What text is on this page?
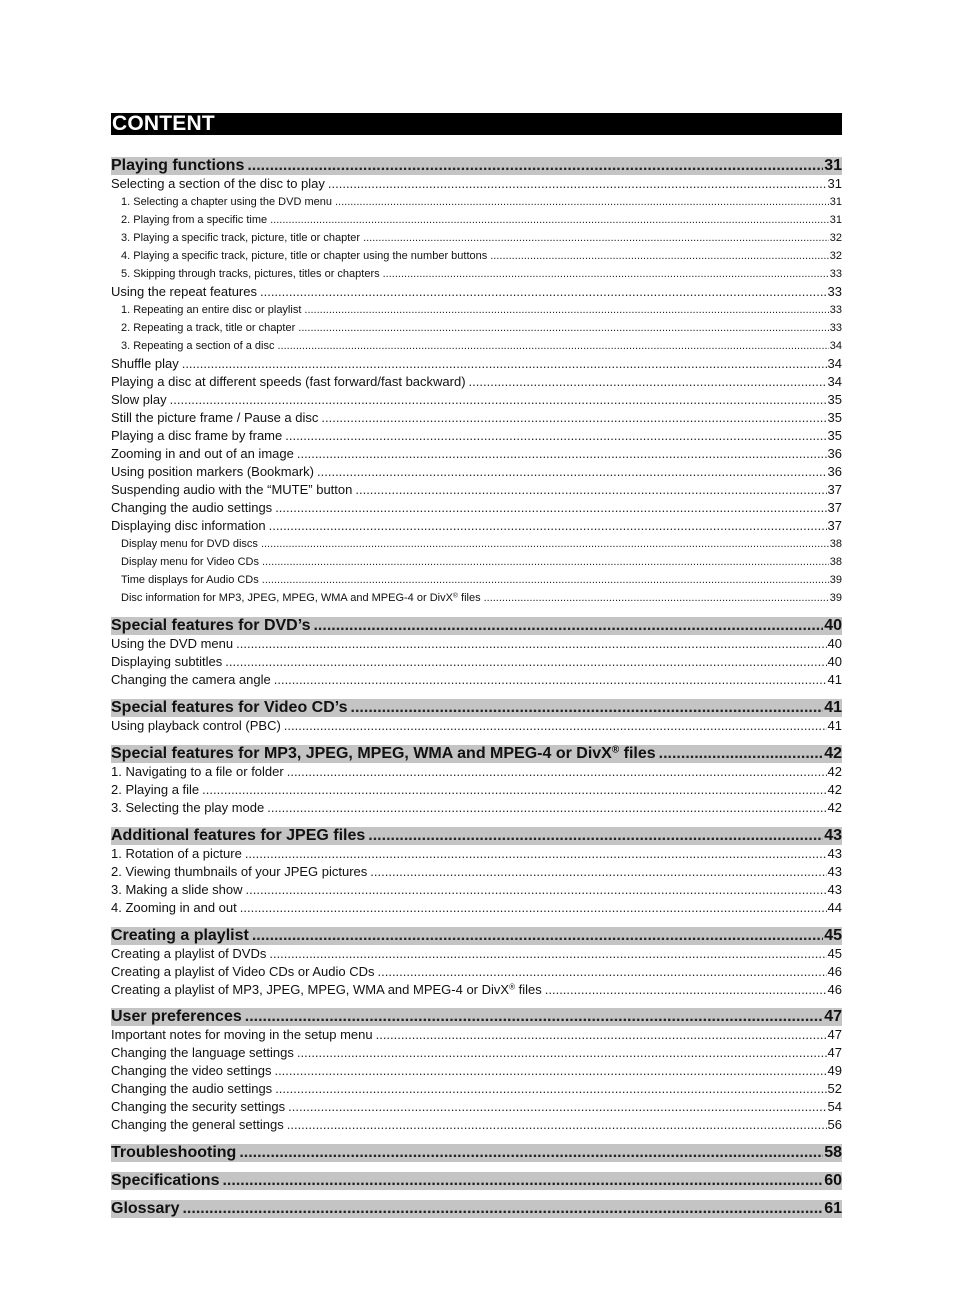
CONTENT
Playing functions .....	31
Selecting a section of the disc to play .....	31
1. Selecting a chapter using the DVD menu .....	31
2. Playing from a specific time .....	31
3. Playing a specific track, picture, title or chapter .....	32
4. Playing a specific track, picture, title or chapter using the number buttons .....	32
5. Skipping through tracks, pictures, titles or chapters .....	33
Using the repeat features .....	33
1. Repeating an entire disc or playlist .....	33
2. Repeating a track, title or chapter .....	33
3. Repeating a section of a disc .....	34
Shuffle play .....	34
Playing a disc at different speeds (fast forward/fast backward) .....	34
Slow play .....	35
Still the picture frame / Pause a disc .....	35
Playing a disc frame by frame .....	35
Zooming in and out of an image .....	36
Using position markers (Bookmark) .....	36
Suspending audio with the “MUTE” button .....	37
Changing the audio settings .....	37
Displaying disc information .....	37
Display menu for DVD discs .....	38
Display menu for Video CDs .....	38
Time displays for Audio CDs .....	39
Disc information for MP3, JPEG, MPEG, WMA and MPEG-4 or DivX® files .....	39
Special features for DVD’s .....	40
Using the DVD menu .....	40
Displaying subtitles .....	40
Changing the camera angle .....	41
Special features for Video CD’s .....	41
Using playback control (PBC) .....	41
Special features for MP3, JPEG, MPEG, WMA and MPEG-4 or DivX® files .....	42
1. Navigating to a file or folder .....	42
2. Playing a file .....	42
3. Selecting the play mode .....	42
Additional features for JPEG files .....	43
1. Rotation of a picture .....	43
2. Viewing thumbnails of your JPEG pictures .....	43
3. Making a slide show .....	43
4. Zooming in and out .....	44
Creating a playlist .....	45
Creating a playlist of DVDs .....	45
Creating a playlist of Video CDs or Audio CDs .....	46
Creating a playlist of MP3, JPEG, MPEG, WMA and MPEG-4 or DivX® files .....	46
User preferences .....	47
Important notes for moving in the setup menu .....	47
Changing the language settings .....	47
Changing the video settings .....	49
Changing the audio settings .....	52
Changing the security settings .....	54
Changing the general settings .....	56
Troubleshooting .....	58
Specifications .....	60
Glossary .....	61
